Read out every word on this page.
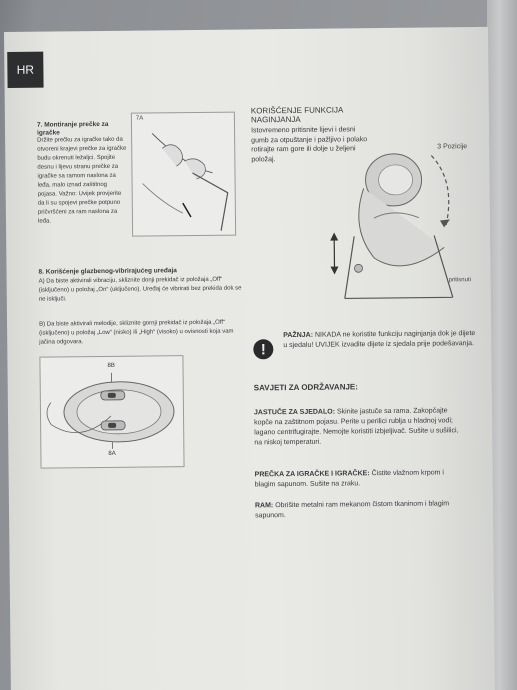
HR

7. Montiranje prečke za igračke

Držite prečku za igračke tako da otvoreni krajevi prečke za igračke budu okrenuti ležaljci. Spojite desnu i lijevu stranu prečke za igračke sa ramom naslona za leđa, malo iznad zaštitnog pojasa. Važno: Uvijek provjerite da li su spojevi prečke potpuno pričvršćeni za ram naslona za leđa.

7A

8. Korišćenje glazbenog-vibrirajućeg uređaja

A) Da biste aktivirali vibraciju, skliznite donji prekidač iz položaja „Off“ (isključeno) u položaj „On“ (uključeno). Uređaj će vibrirati bez prekida dok se ne isključi.

B) Da biste aktivirali melodije, skliznite gornji prekidač iz položaja „Off“ (isključeno) u položaj „Low“ (nisko) ili „High“ (visoko) u ovisnosti koja vam jačina odgovara.

8B
8A

KORIŠĆENJE FUNKCIJA NAGINJANJA

Istovremeno pritisnite lijevi i desni gumb za otpuštanje i pažljivo i polako rotirajte ram gore ili dolje u željeni položaj.

3 Pozicije
pritisnuti
!

PAŽNJA: NIKADA ne koristite funkciju naginjanja dok je dijete u sjedalu! UVIJEK izvadite dijete iz sjedala prije podešavanja.

SAVJETI ZA ODRŽAVANJE:

JASTUČE ZA SJEDALO: Skinite jastuče sa rama. Zakopčajte kopče na zaštitnom pojasu. Perite u perilici rublja u hladnoj vodi; lagano centrifugirajte. Nemojte koristiti izbjeljivač. Sušite u sušilici, na niskoj temperaturi.

PREČKA ZA IGRAČKE I IGRAČKE: Čistite vlažnom krpom i blagim sapunom. Sušite na zraku.

RAM: Obrišite metalni ram mekanom čistom tkaninom i blagim sapunom.
